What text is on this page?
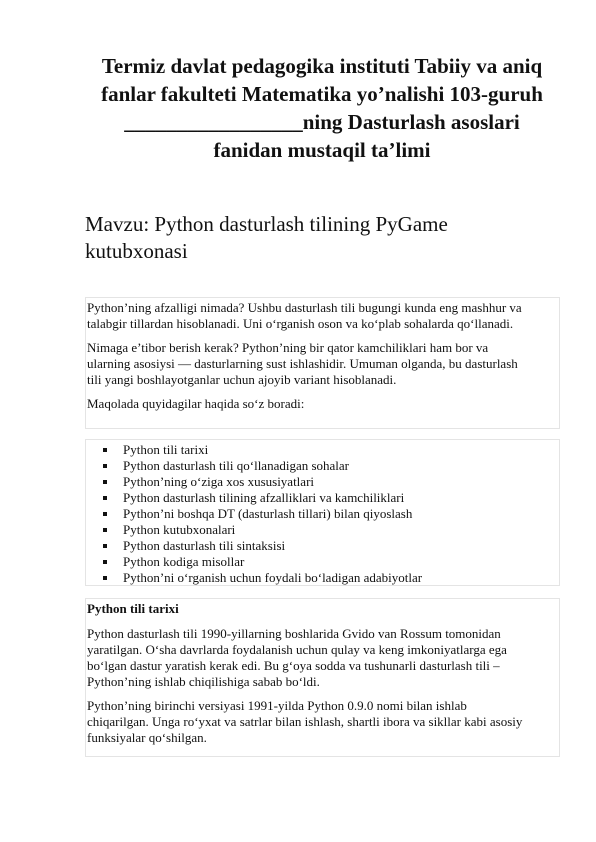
Termiz davlat pedagogika instituti Tabiiy va aniq
fanlar fakulteti Matematika yo’nalishi 103-guruh
_________________ning Dasturlash asoslari
fanidan mustaqil ta’limi
Mavzu: Python dasturlash tilining PyGame
kutubxonasi

Python’ning afzalligi nimada? Ushbu dasturlash tili bugungi kunda eng mashhur va
talabgir tillardan hisoblanadi. Uni oʻrganish oson va koʻplab sohalarda qoʻllanadi.

Nimaga e’tibor berish kerak? Python’ning bir qator kamchiliklari ham bor va
ularning asosiysi — dasturlarning sust ishlashidir. Umuman olganda, bu dasturlash
tili yangi boshlayotganlar uchun ajoyib variant hisoblanadi.

Maqolada quyidagilar haqida soʻz boradi:

Python tili tarixi
Python dasturlash tili qoʻllanadigan sohalar
Python’ning oʻziga xos xususiyatlari
Python dasturlash tilining afzalliklari va kamchiliklari
Python’ni boshqa DT (dasturlash tillari) bilan qiyoslash
Python kutubxonalari
Python dasturlash tili sintaksisi
Python kodiga misollar
Python’ni oʻrganish uchun foydali boʻladigan adabiyotlar

Python tili tarixi

Python dasturlash tili 1990-yillarning boshlarida Gvido van Rossum tomonidan
yaratilgan. Oʻsha davrlarda foydalanish uchun qulay va keng imkoniyatlarga ega
boʻlgan dastur yaratish kerak edi. Bu gʻoya sodda va tushunarli dasturlash tili –
Python’ning ishlab chiqilishiga sabab boʻldi.

Python’ning birinchi versiyasi 1991-yilda Python 0.9.0 nomi bilan ishlab
chiqarilgan. Unga roʻyxat va satrlar bilan ishlash, shartli ibora va sikllar kabi asosiy
funksiyalar qoʻshilgan.
